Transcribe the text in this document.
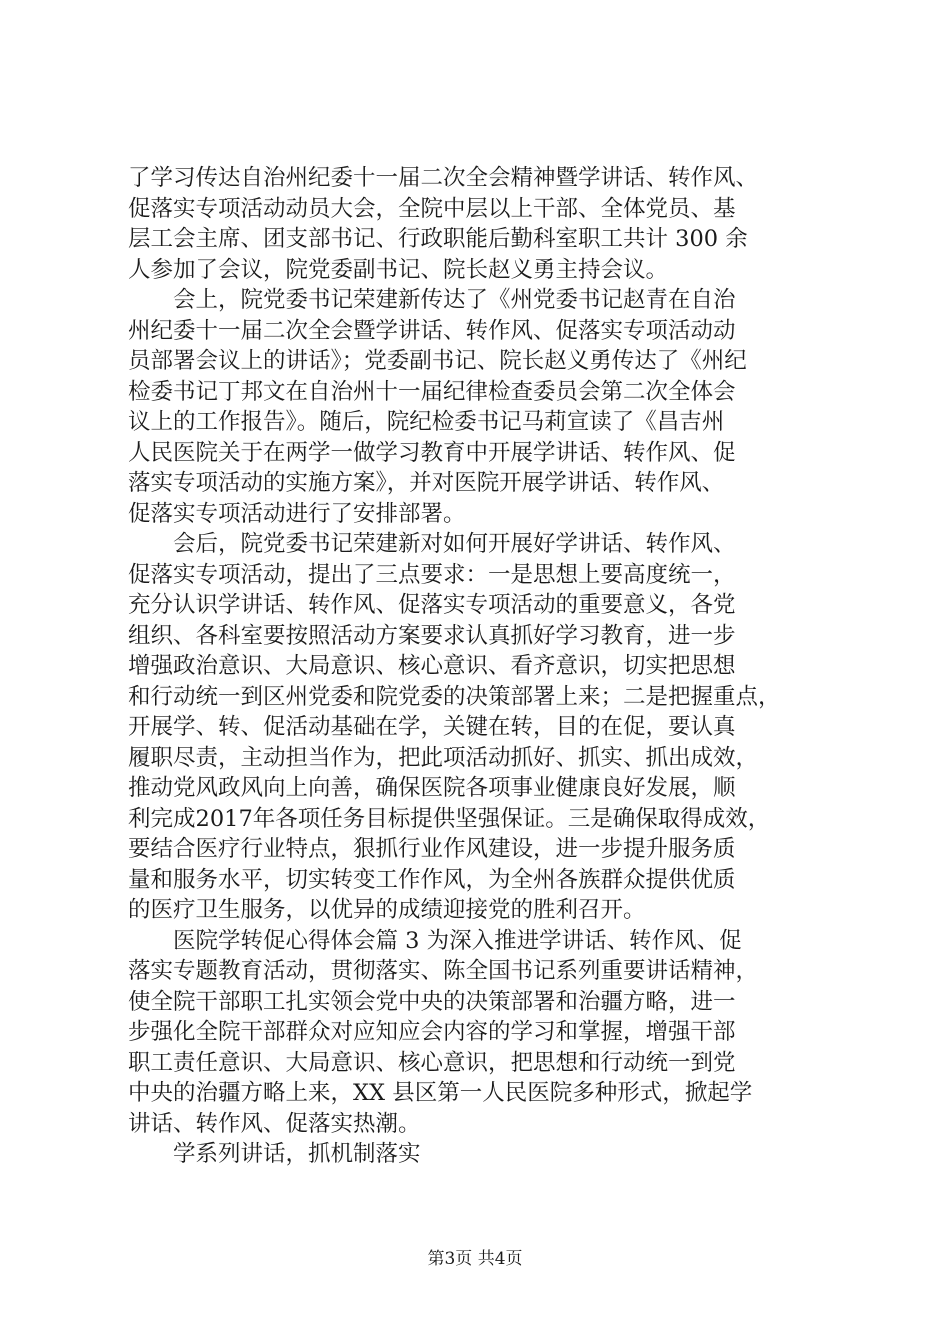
了学习传达自治州纪委十一届二次全会精神暨学讲话、转作风、
促落实专项活动动员大会，全院中层以上干部、全体党员、基
层工会主席、团支部书记、行政职能后勤科室职工共计 300 余
人参加了会议，院党委副书记、院长赵义勇主持会议。
　　会上，院党委书记荣建新传达了《州党委书记赵青在自治
州纪委十一届二次全会暨学讲话、转作风、促落实专项活动动
员部署会议上的讲话》；党委副书记、院长赵义勇传达了《州纪
检委书记丁邦文在自治州十一届纪律检查委员会第二次全体会
议上的工作报告》。随后，院纪检委书记马莉宣读了《昌吉州
人民医院关于在两学一做学习教育中开展学讲话、转作风、促
落实专项活动的实施方案》，并对医院开展学讲话、转作风、
促落实专项活动进行了安排部署。
　　会后，院党委书记荣建新对如何开展好学讲话、转作风、
促落实专项活动，提出了三点要求：一是思想上要高度统一，
充分认识学讲话、转作风、促落实专项活动的重要意义，各党
组织、各科室要按照活动方案要求认真抓好学习教育，进一步
增强政治意识、大局意识、核心意识、看齐意识，切实把思想
和行动统一到区州党委和院党委的决策部署上来；二是把握重点，
开展学、转、促活动基础在学，关键在转，目的在促，要认真
履职尽责，主动担当作为，把此项活动抓好、抓实、抓出成效，
推动党风政风向上向善，确保医院各项事业健康良好发展，顺
利完成2017年各项任务目标提供坚强保证。三是确保取得成效，
要结合医疗行业特点，狠抓行业作风建设，进一步提升服务质
量和服务水平，切实转变工作作风，为全州各族群众提供优质
的医疗卫生服务，以优异的成绩迎接党的胜利召开。
　　医院学转促心得体会篇 3 为深入推进学讲话、转作风、促
落实专题教育活动，贯彻落实、陈全国书记系列重要讲话精神，
使全院干部职工扎实领会党中央的决策部署和治疆方略，进一
步强化全院干部群众对应知应会内容的学习和掌握，增强干部
职工责任意识、大局意识、核心意识，把思想和行动统一到党
中央的治疆方略上来，XX 县区第一人民医院多种形式，掀起学
讲话、转作风、促落实热潮。
　　学系列讲话，抓机制落实
第3页 共4页
